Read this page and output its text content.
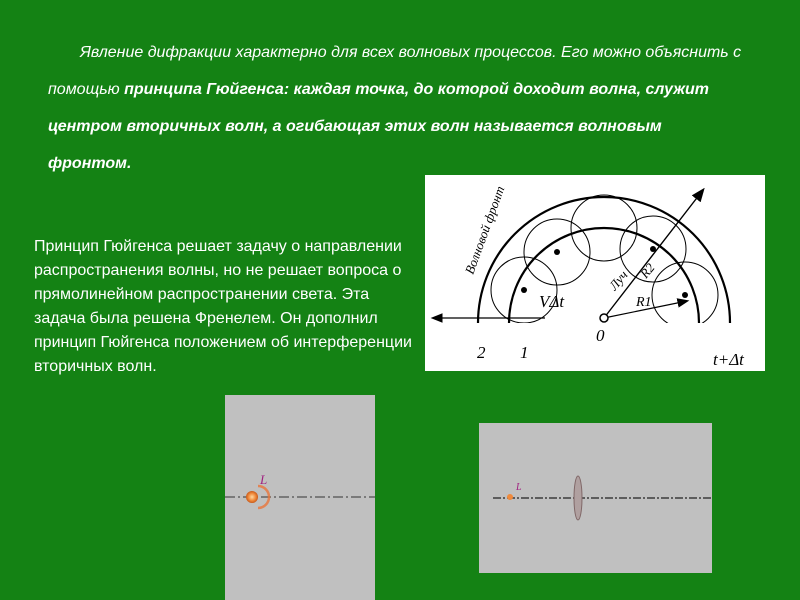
Явление дифракции характерно для всех волновых процессов. Его можно объяснить с помощью принципа Гюйгенса: каждая точка, до которой доходит волна, служит центром вторичных волн, а огибающая этих волн называется волновым фронтом.

Принцип Гюйгенса решает задачу о направлении распространения волны, но не решает вопроса о прямолинейном распространении света. Эта задача была решена Френелем. Он дополнил принцип Гюйгенса положением об интерференции вторичных волн.

Волновой фронт
Луч R2
R1
VΔt
0
2 1	t+Δt
L
L
